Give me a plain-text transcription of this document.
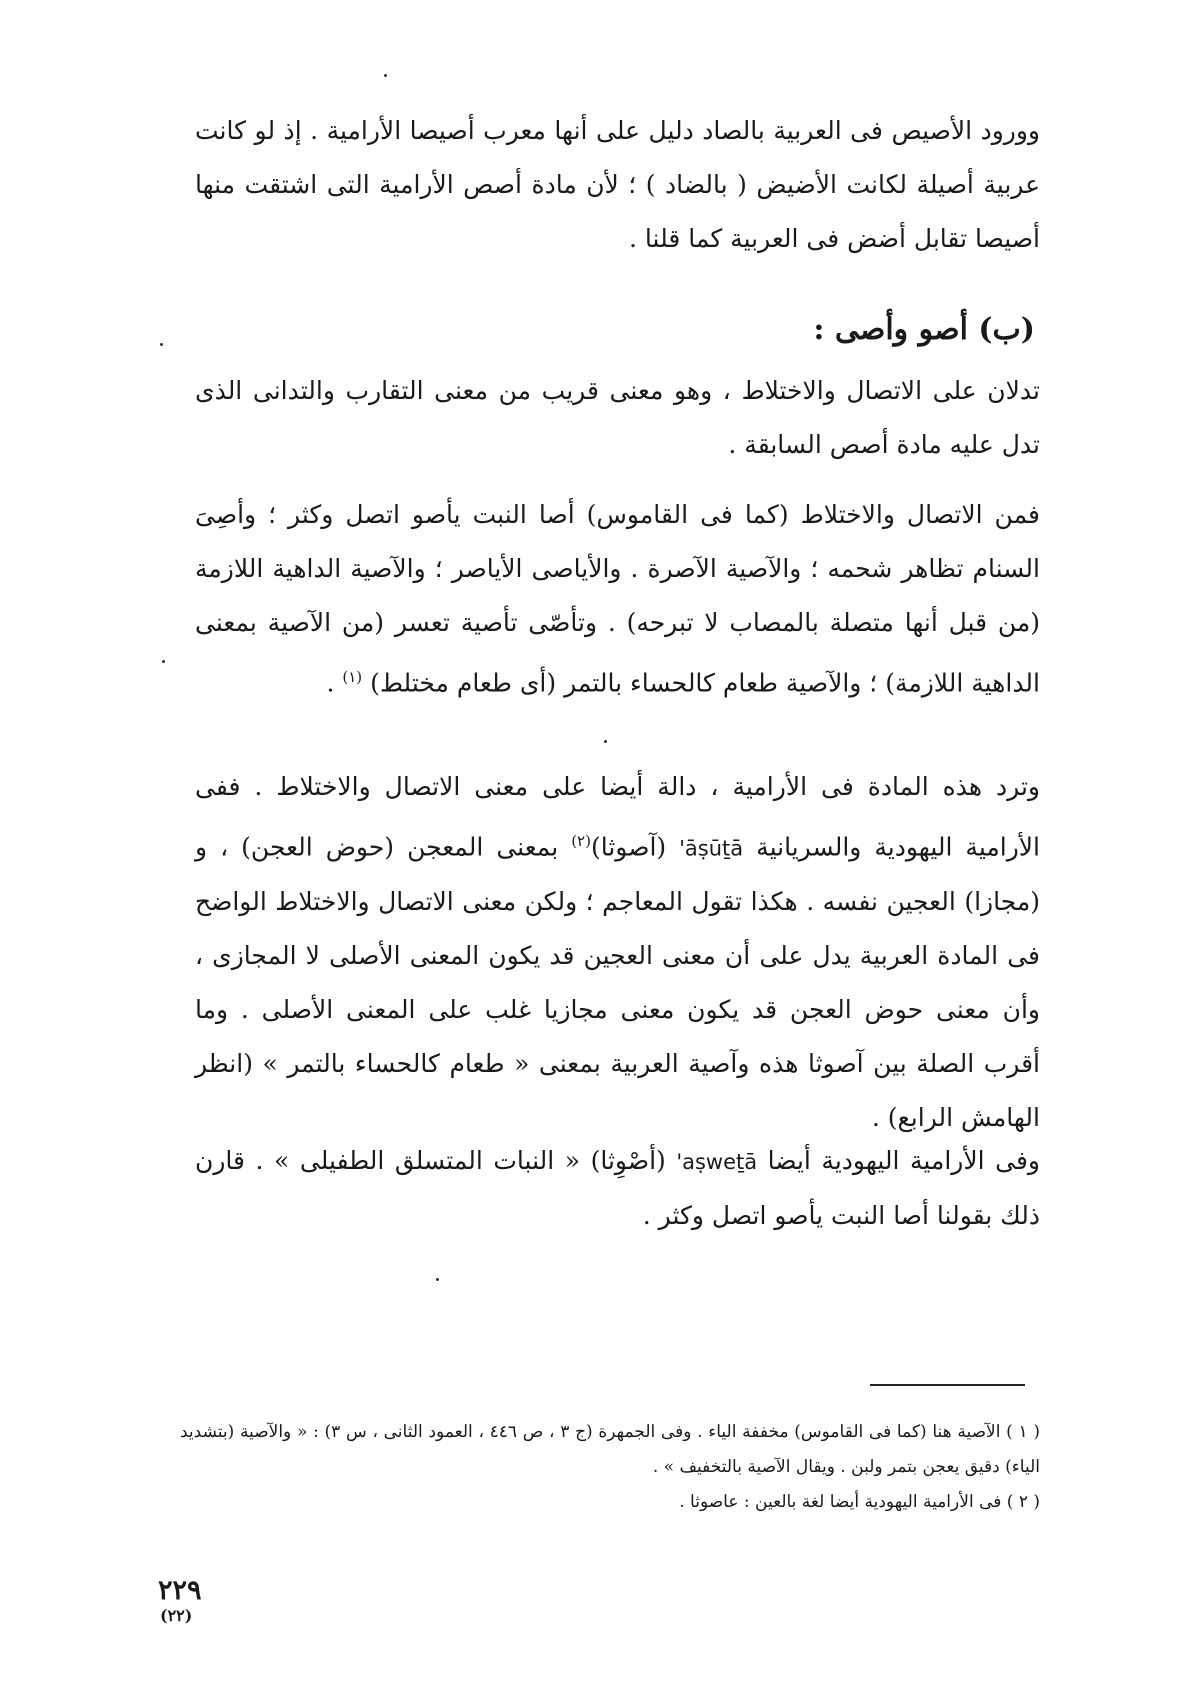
وورود الأصيص فى العربية بالصاد دليل على أنها معرب أصيصا الأرامية . إذ لو كانت عربية أصيلة لكانت الأضيض ( بالضاد ) ؛ لأن مادة أصص الأرامية التى اشتقت منها أصيصا تقابل أضض فى العربية كما قلنا .

(ب) أصو وأصى :

تدلان على الاتصال والاختلاط ، وهو معنى قريب من معنى التقارب والتدانى الذى تدل عليه مادة أصص السابقة .

فمن الاتصال والاختلاط (كما فى القاموس) أصا النبت يأصو اتصل وكثر ؛ وأصِىَ السنام تظاهر شحمه ؛ والآصية الآصرة . والأياصى الأياصر ؛ والآصية الداهية اللازمة (من قبل أنها متصلة بالمصاب لا تبرحه) . وتأصّى تأصية تعسر (من الآصية بمعنى الداهية اللازمة) ؛ والآصية طعام كالحساء بالتمر (أى طعام مختلط) $^{(١)}$ .

وترد هذه المادة فى الأرامية ، دالة أيضا على معنى الاتصال والاختلاط . ففى الأرامية اليهودية والسريانية 'āṣūṯā (آصوثا)$^{(٢)}$ بمعنى المعجن (حوض العجن) ، و (مجازا) العجين نفسه . هكذا تقول المعاجم ؛ ولكن معنى الاتصال والاختلاط الواضح فى المادة العربية يدل على أن معنى العجين قد يكون المعنى الأصلى لا المجازى ، وأن معنى حوض العجن قد يكون معنى مجازيا غلب على المعنى الأصلى . وما أقرب الصلة بين آصوثا هذه وآصية العربية بمعنى « طعام كالحساء بالتمر » (انظر الهامش الرابع) .

وفى الأرامية اليهودية أيضا 'aṣweṯā (أصْوِثا) « النبات المتسلق الطفيلى » . قارن ذلك بقولنا أصا النبت يأصو اتصل وكثر .

( ١ ) الآصية هنا (كما فى القاموس) مخففة الياء . وفى الجمهرة (ج ٣ ، ص ٤٤٦ ، العمود الثانى ، س ٣) : « والآصية (بتشديد الياء) دقيق يعجن بتمر ولبن . ويقال الآصية بالتخفيف » .

( ٢ ) فى الأرامية اليهودية أيضا لغة بالعين : عاصوثا .

٢٢٩
(٢٢)
